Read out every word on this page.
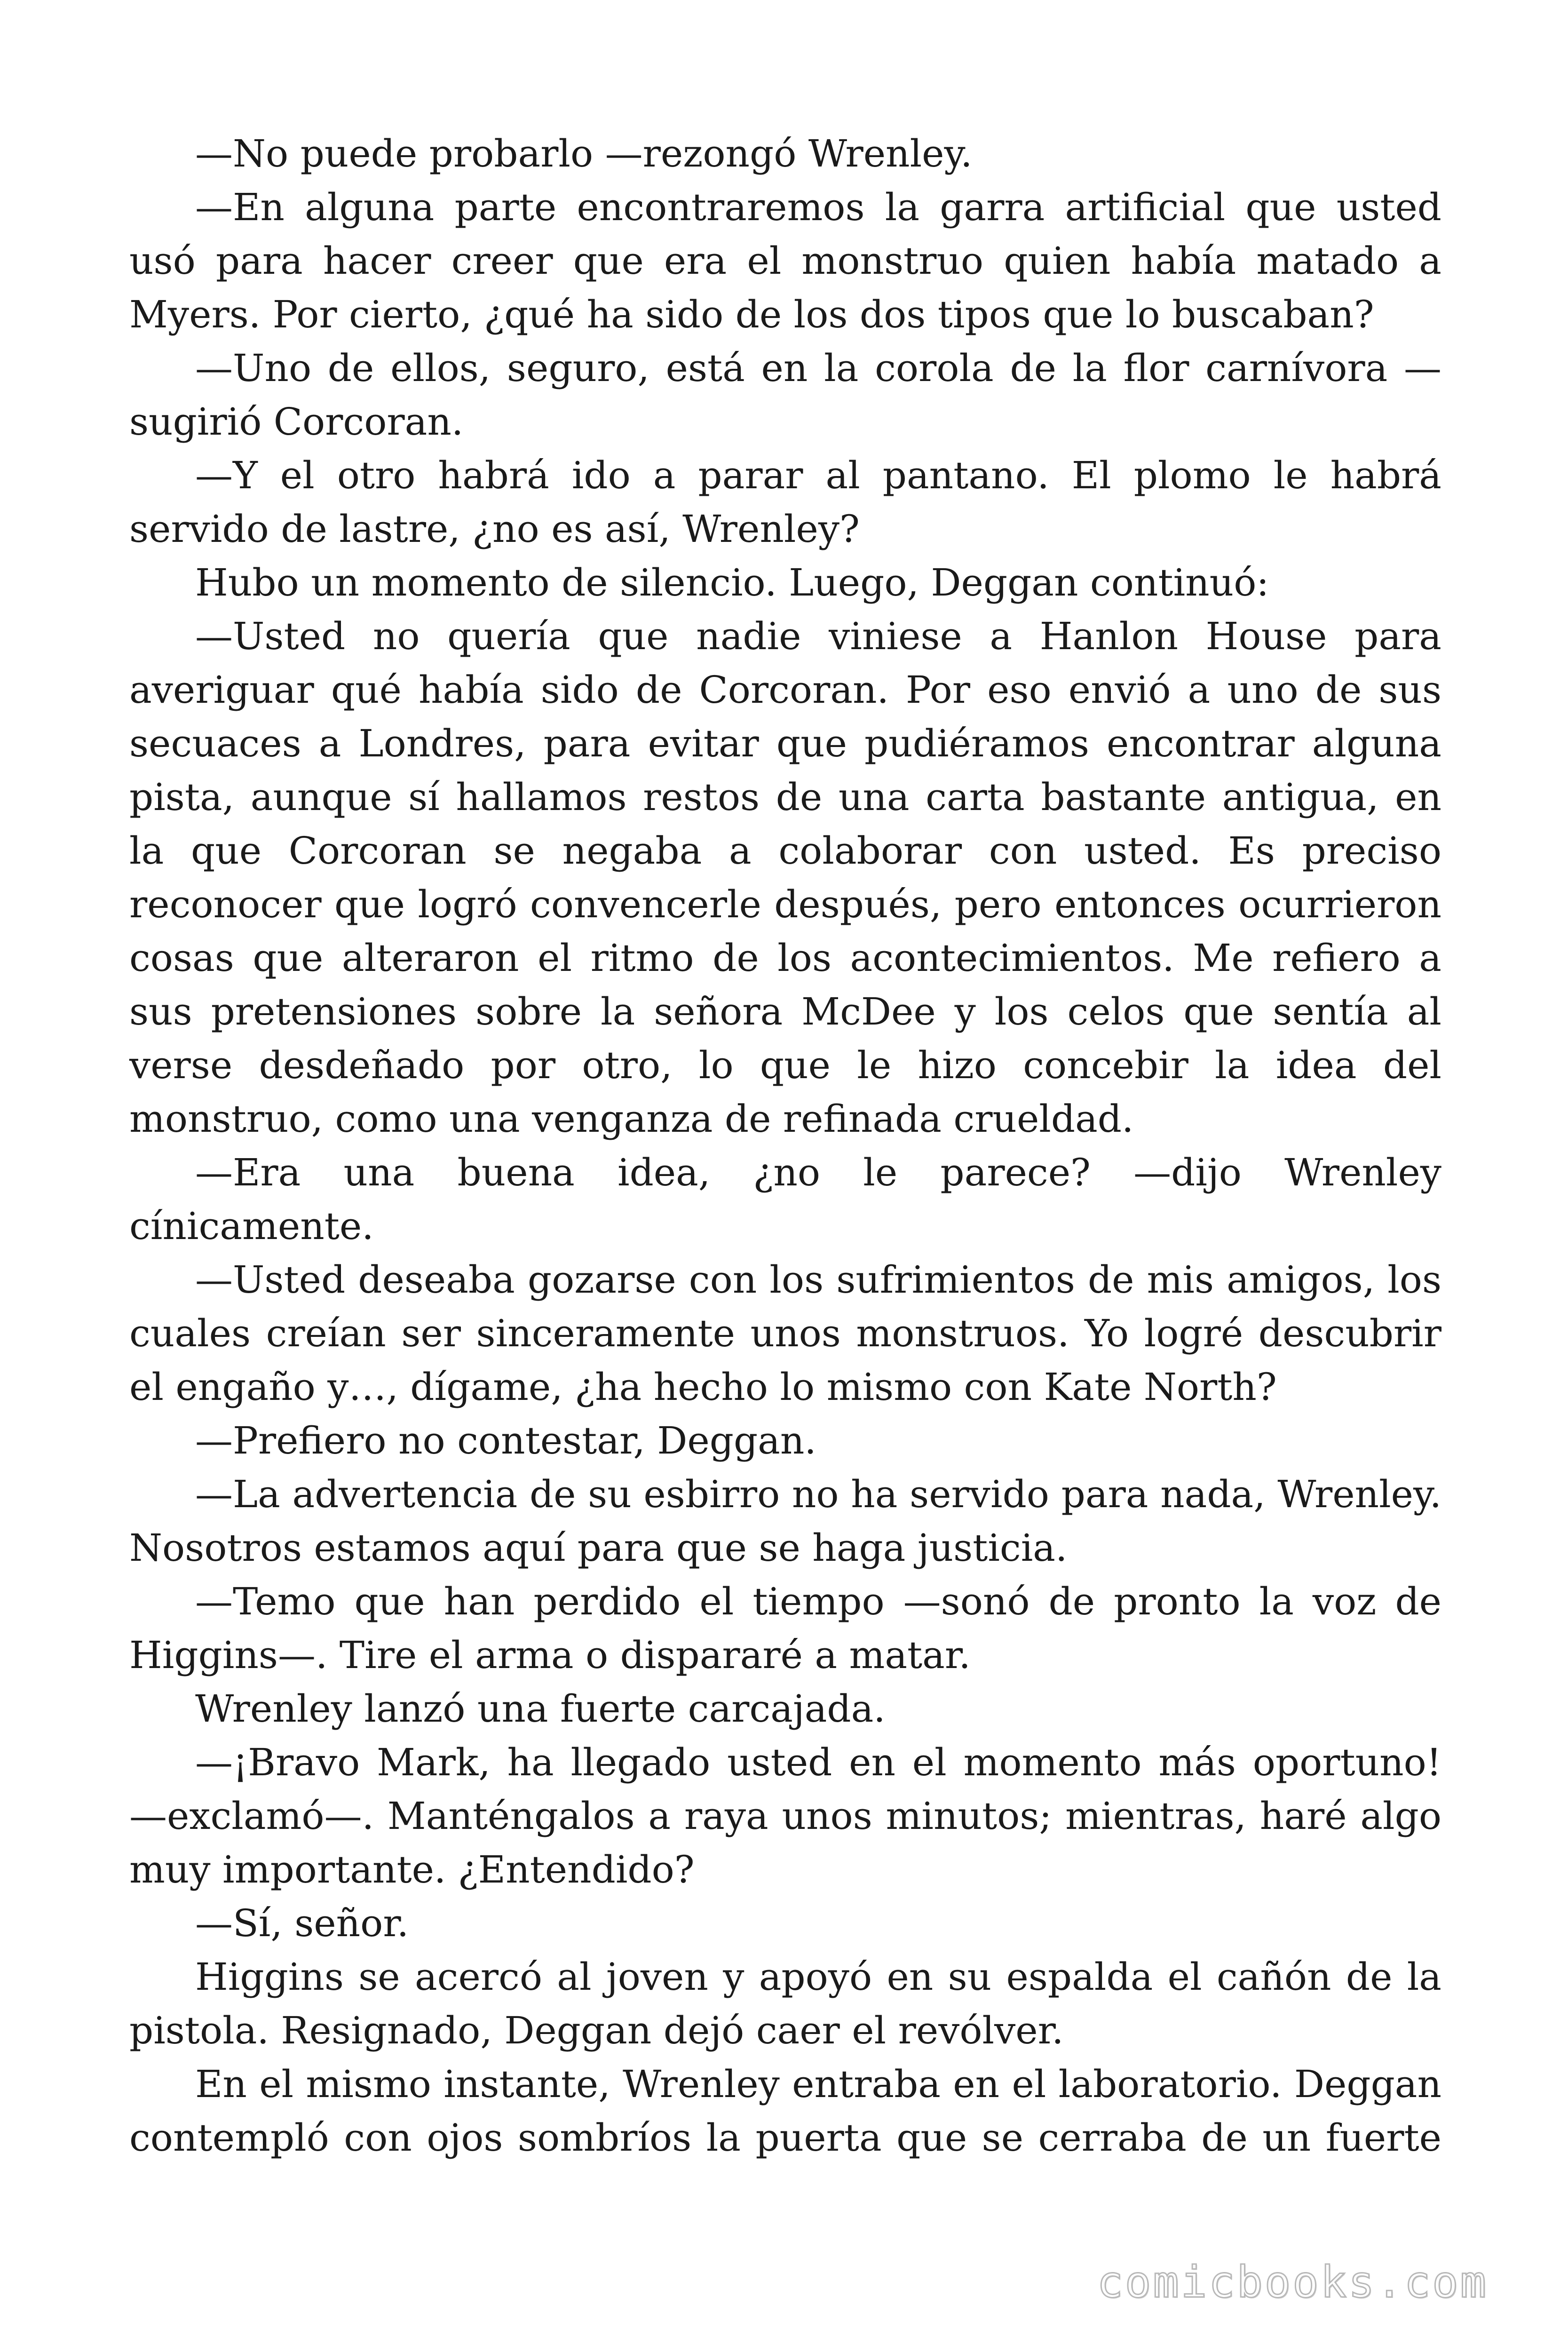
—No puede probarlo —rezongó Wrenley.

—En alguna parte encontraremos la garra artificial que usted usó para hacer creer que era el monstruo quien había matado a Myers. Por cierto, ¿qué ha sido de los dos tipos que lo buscaban?

—Uno de ellos, seguro, está en la corola de la flor carnívora —sugirió Corcoran.

—Y el otro habrá ido a parar al pantano. El plomo le habrá servido de lastre, ¿no es así, Wrenley?

Hubo un momento de silencio. Luego, Deggan continuó:

—Usted no quería que nadie viniese a Hanlon House para averiguar qué había sido de Corcoran. Por eso envió a uno de sus secuaces a Londres, para evitar que pudiéramos encontrar alguna pista, aunque sí hallamos restos de una carta bastante antigua, en la que Corcoran se negaba a colaborar con usted. Es preciso reconocer que logró convencerle después, pero entonces ocurrieron cosas que alteraron el ritmo de los acontecimientos. Me refiero a sus pretensiones sobre la señora McDee y los celos que sentía al verse desdeñado por otro, lo que le hizo concebir la idea del monstruo, como una venganza de refinada crueldad.

—Era una buena idea, ¿no le parece? —dijo Wrenley cínicamente.

—Usted deseaba gozarse con los sufrimientos de mis amigos, los cuales creían ser sinceramente unos monstruos. Yo logré descubrir el engaño y…, dígame, ¿ha hecho lo mismo con Kate North?

—Prefiero no contestar, Deggan.

—La advertencia de su esbirro no ha servido para nada, Wrenley. Nosotros estamos aquí para que se haga justicia.

—Temo que han perdido el tiempo —sonó de pronto la voz de Higgins—. Tire el arma o dispararé a matar.

Wrenley lanzó una fuerte carcajada.

—¡Bravo Mark, ha llegado usted en el momento más oportuno! —exclamó—. Manténgalos a raya unos minutos; mientras, haré algo muy importante. ¿Entendido?

—Sí, señor.

Higgins se acercó al joven y apoyó en su espalda el cañón de la pistola. Resignado, Deggan dejó caer el revólver.

En el mismo instante, Wrenley entraba en el laboratorio. Deggan contempló con ojos sombríos la puerta que se cerraba de un fuerte

comicbooks.com
